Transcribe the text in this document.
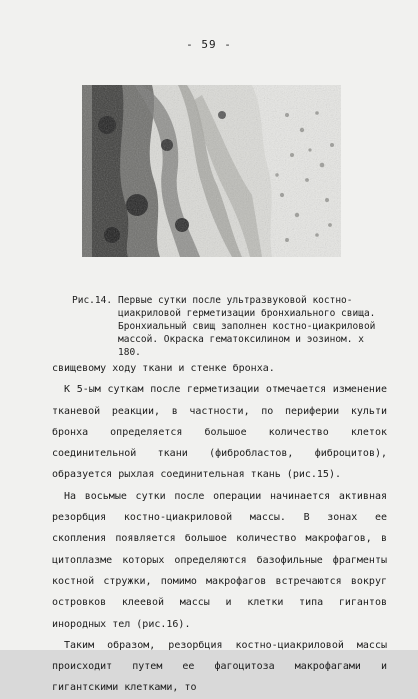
- 59 -
Рис.14. Первые сутки после ультразвуковой костно-циакриловой герметизации бронхиального свища. Бронхиальный свищ заполнен костно-циакриловой массой. Окраска гематоксилином и эозином. х 180.

свищевому ходу ткани и стенке бронха.

К 5-ым суткам после герметизации отмечается изменение тканевой реакции, в частности, по периферии культи бронха определяется большое количество клеток соединительной ткани (фибробластов, фиброцитов), образуется рыхлая соединительная ткань (рис.15).

На восьмые сутки после операции начинается активная резорбция костно-циакриловой массы. В зонах ее скопления появляется большое количество макрофагов, в цитоплазме которых определяются базофильные фрагменты костной стружки, помимо макрофагов встречаются вокруг островков клеевой массы и клетки типа гигантов инородных тел (рис.16).

Таким образом, резорбция костно-циакриловой массы происходит путем ее фагоцитоза макрофагами и гигантскими клетками, то
